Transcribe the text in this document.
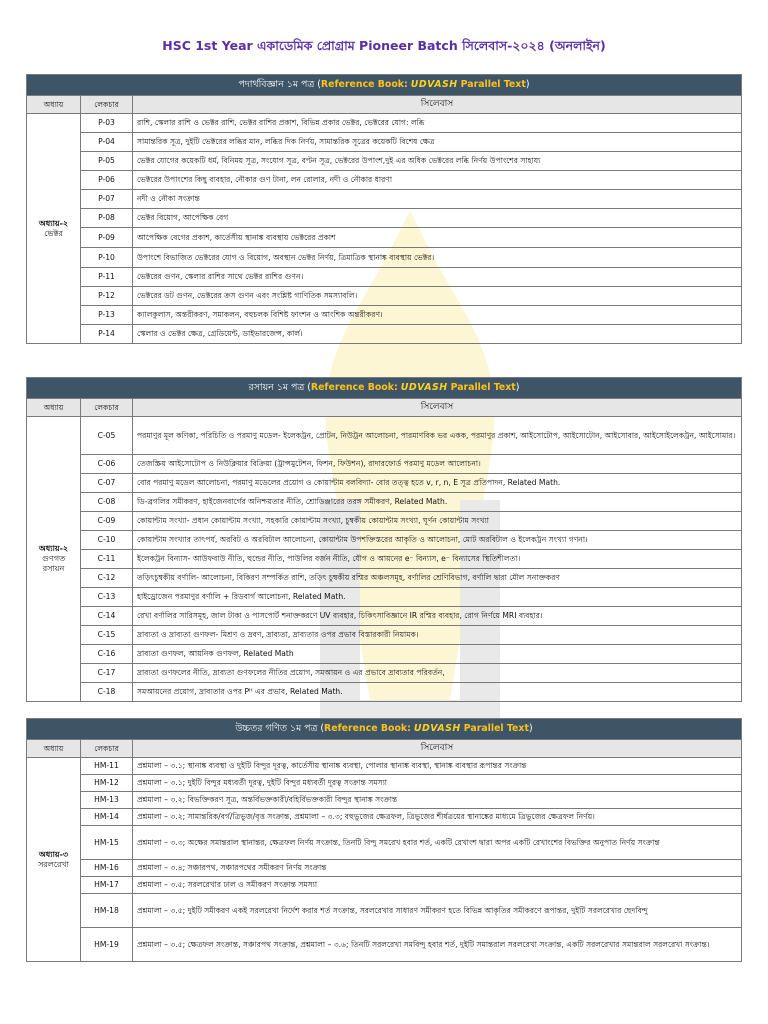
HSC 1st Year একাডেমিক প্রোগ্রাম Pioneer Batch সিলেবাস-২০২৪ (অনলাইন)
পদার্থবিজ্ঞান ১ম পত্র (Reference Book: UDVASH Parallel Text)		
অধ্যায়	লেকচার	সিলেবাস

অধ্যায়-২
ভেক্টর	P-03	রাশি, স্কেলার রাশি ও ভেক্টর রাশি, ভেক্টর রাশির প্রকাশ, বিভিন্ন প্রকার ভেক্টর, ভেক্টরের যোগ: লব্ধি
	P-04	সামান্তরিক সূত্র, দুইটি ভেক্টরের লব্ধির মান, লব্ধির দিক নির্ণয়, সামান্তরিক সূত্রের কয়েকটি বিশেষ ক্ষেত্র
	P-05	ভেক্টর যোগের কয়েকটি ধর্ম, বিনিময় সূত্র, সংযোগ সূত্র, বণ্টন সূত্র, ভেক্টরের উপাংশ,দুই এর অধিক ভেক্টরের লব্ধি নির্ণয় উপাংশের সাহায্য
	P-06	ভেক্টরের উপাংশের কিছু ব্যবহার, নৌকার গুণ টানা, লন রোলার, নদী ও নৌকার ধারণা
	P-07	নদী ও নৌকা সংক্রান্ত
	P-08	ভেক্টর বিয়োগ, আপেক্ষিক বেগ
	P-09	আপেক্ষিক বেগের প্রকাশ, কার্তেসীয় স্থানাঙ্ক ব্যবস্থায় ভেক্টরের প্রকাশ
	P-10	উপাংশে বিভাজিত ভেক্টরের যোগ ও বিয়োগ, অবস্থান ভেক্টর নির্ণয়, ত্রিমাত্রিক স্থানাঙ্ক ব্যবস্থায় ভেক্টর।
	P-11	ভেক্টরের গুণন, স্কেলার রাশির সাথে ভেক্টর রাশির গুণন।
	P-12	ভেক্টরের ডট গুণন, ভেক্টরের ক্রস গুণন এবং সংশ্লিষ্ট গাণিতিক সমস্যাবলি।
	P-13	ক্যালকুলাস, অন্তরীকরণ, সমাকলন, বহুচলক বিশিষ্ট ফাংশন ও আংশিক অন্তরীকরণ।
	P-14	স্কেলার ও ভেক্টর ক্ষেত্র, গ্রেডিয়েন্ট, ডাইভারজেন্স, কার্ল।
রসায়ন ১ম পত্র (Reference Book: UDVASH Parallel Text)		
অধ্যায়	লেকচার	সিলেবাস

অধ্যায়-২
গুণগত রসায়ন	C-05	পরমাণুর মূল কণিকা, পরিচিতি ও পরমাণু মডেল- ইলেকট্রন, প্রোটন, নিউট্রন আলোচনা, পারমাণবিক ভর একক, পরমাণুর প্রকাশ, আইসোটোপ, আইসোটোন, আইসোবার, আইসোইলেকট্রন, আইসোমার।
	C-06	তেজস্ক্রিয় আইসোটোপ ও নিউক্লিয়ার বিক্রিয়া (ট্রান্সমুটেশন, ফিশন, ফিউশন), রাদারফোর্ড পরমাণু মডেল আলোচনা।
	C-07	বোর পরমাণু মডেল আলোচনা, পরমাণু মডেলের প্রয়োগ ও কোয়ান্টাম বলবিদ্যা- বোর তত্ত্ব হতে v, r, n, E সূত্র প্রতিপাদন, Related Math.
	C-08	ডি-ব্রগলির সমীকরণ, হাইজেনবার্গের অনিশ্চয়তার নীতি, শ্রোডিঞ্জারের তরঙ্গ সমীকরণ, Related Math.
	C-09	কোয়ান্টাম সংখ্যা- প্রধান কোয়ান্টাম সংখ্যা, সহকারি কোয়ান্টাম সংখ্যা, চুম্বকীয় কোয়ান্টাম সংখ্যা, ঘূর্ণন কোয়ান্টাম সংখ্যা
	C-10	কোয়ান্টাম সংখ্যার তাৎপর্য, অরবিট ও অরবিটাল আলোচনা, কোয়ান্টাম উপশক্তিস্তরের আকৃতি ও আলোচনা, মোট অরবিটাল ও ইলেকট্রন সংখ্যা গণনা।
	C-11	ইলেকট্রন বিন্যাস- আউফবাউ নীতি, হুন্ডের নীতি, পাউলির বর্জন নীতি, যৌগ ও আয়নের e⁻ বিন্যাস, e⁻ বিন্যাসের স্থিতিশীলতা।
	C-12	তড়িৎচুম্বকীয় বর্ণালি- আলোচনা, বিকিরণ সম্পর্কিত রাশি, তড়িৎ চুম্বকীয় রশ্মির অঞ্চলসমূহ, বর্ণালির শ্রেণিবিভাগ, বর্ণালি দ্বারা মৌল সনাক্তকরণ
	C-13	হাইড্রোজেন পরমাণুর বর্ণালি + রিডবার্গ আলোচনা, Related Math.
	C-14	রেখা বর্ণালির সারিসমূহ, জাল টাকা ও পাসপোর্ট শনাক্তকরণে UV ব্যবহার, চিকিৎসাবিজ্ঞানে IR রশ্মির ব্যবহার, রোগ নির্ণয়ে MRI ব্যবহার।
	C-15	দ্রাব্যতা ও দ্রাব্যতা গুণফল- মিশ্রণ ও দ্রবণ, দ্রাব্যতা, দ্রাব্যতার ওপর প্রভাব বিস্তারকারী নিয়ামক।
	C-16	দ্রাব্যতা গুণফল, আয়নিক গুণফল, Related Math
	C-17	দ্রাব্যতা গুণফলের নীতি, দ্রাব্যতা গুণফলের নীতির প্রয়োগ, সমআয়ন ও এর প্রভাবে দ্রাব্যতার পরিবর্তন,
	C-18	সমআয়নের প্রয়োগ, দ্রাব্যতার ওপর Pᴴ এর প্রভাব, Related Math.
উচ্চতর গণিত ১ম পত্র (Reference Book: UDVASH Parallel Text)		
অধ্যায়	লেকচার	সিলেবাস

অধ্যায়-৩
সরলরেখা	HM-11	প্রশ্নমালা – ৩.১; স্থানাঙ্ক ব্যবস্থা ও দুইটি বিন্দুর দূরত্ব, কার্তেসীয় স্থানাঙ্ক ব্যবস্থা, পোলার স্থানাঙ্ক ব্যবস্থা, স্থানাঙ্ক ব্যবস্থার রূপান্তর সংক্রান্ত
	HM-12	প্রশ্নমালা – ৩.১; দুইটি বিন্দুর মধ্যবর্তী দূরত্ব, দুইটি বিন্দুর মধ্যবর্তী দূরত্ব সংক্রান্ত সমস্যা
	HM-13	প্রশ্নমালা – ৩.২; বিভক্তিকরণ সূত্র, অন্তর্বিভক্তকারী/বহির্বিভক্তকারী বিন্দুর স্থানাঙ্ক সংক্রান্ত
	HM-14	প্রশ্নমালা – ৩.২; সামান্তরিক/বর্গ/ত্রিভুজ/বৃত্ত সংক্রান্ত, প্রশ্নমালা – ৩.৩; বহুভুজের ক্ষেত্রফল, ত্রিভুজের শীর্ষত্রয়ের স্থানাঙ্কের মাধ্যমে ত্রিভুজের ক্ষেত্রফল নির্ণয়।
	HM-15	প্রশ্নমালা – ৩.৩; অক্ষের সমান্তরাল স্থানান্তর, ক্ষেত্রফল নির্ণয় সংক্রান্ত, তিনটি বিন্দু সমরেখ হবার শর্ত, একটি রেখাংশ দ্বারা অপর একটি রেখাংশের বিভক্তির অনুপাত নির্ণয় সংক্রান্ত
	HM-16	প্রশ্নমালা – ৩.৪; সঞ্চারপথ, সঞ্চারপথের সমীকরণ নির্ণয় সংক্রান্ত
	HM-17	প্রশ্নমালা – ৩.৫; সরলরেখার ঢাল ও সমীকরণ সংক্রান্ত সমস্যা
	HM-18	প্রশ্নমালা – ৩.৫; দুইটি সমীকরণ একই সরলরেখা নির্দেশ করার শর্ত সংক্রান্ত, সরলরেখার সাধারণ সমীকরণ হতে বিভিন্ন আকৃতির সমীকরণে রূপান্তর, দুইটি সরলরেখার ছেদবিন্দু
	HM-19	প্রশ্নমালা – ৩.৫; ক্ষেত্রফল সংক্রান্ত, সঞ্চারপথ সংক্রান্ত, প্রশ্নমালা – ৩.৬; তিনটি সরলরেখা সমবিন্দু হবার শর্ত, দুইটি সমান্তরাল সরলরেখা সংক্রান্ত, একটি সরলরেখার সমান্তরাল সরলরেখা সংক্রান্ত।
